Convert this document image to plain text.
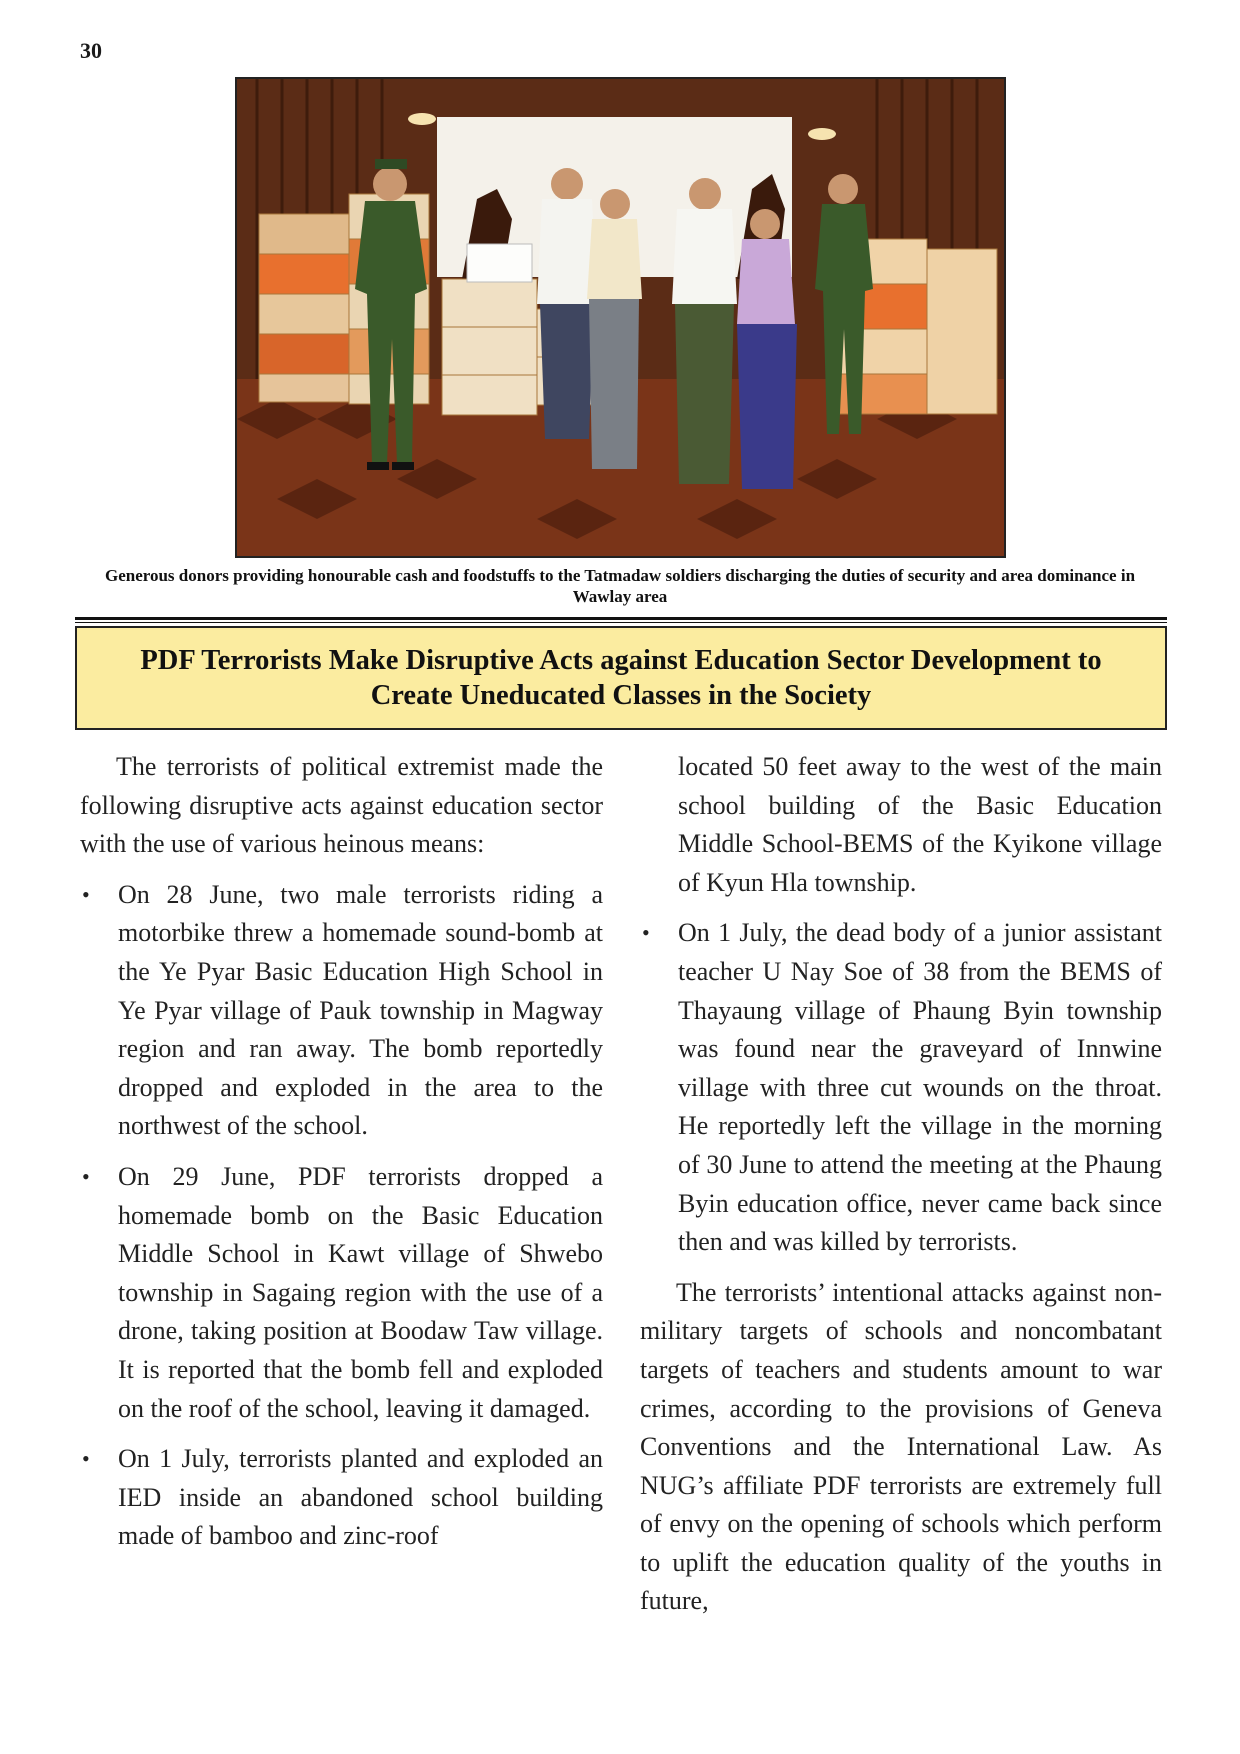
30
Generous donors providing honourable cash and foodstuffs to the Tatmadaw soldiers discharging the duties of security and area dominance in Wawlay area
PDF Terrorists Make Disruptive Acts against Education Sector Development to Create Uneducated Classes in the Society

The terrorists of political extremist made the following disruptive acts against education sector with the use of various heinous means:

• On 28 June, two male terrorists riding a motorbike threw a homemade sound-bomb at the Ye Pyar Basic Education High School in Ye Pyar village of Pauk township in Magway region and ran away. The bomb reportedly dropped and exploded in the area to the northwest of the school.
• On 29 June, PDF terrorists dropped a homemade bomb on the Basic Education Middle School in Kawt village of Shwebo township in Sagaing region with the use of a drone, taking position at Boodaw Taw village. It is reported that the bomb fell and exploded on the roof of the school, leaving it damaged.
• On 1 July, terrorists planted and exploded an IED inside an abandoned school building made of bamboo and zinc-roof

located 50 feet away to the west of the main school building of the Basic Education Middle School-BEMS of the Kyikone village of Kyun Hla township.

• On 1 July, the dead body of a junior assistant teacher U Nay Soe of 38 from the BEMS of Thayaung village of Phaung Byin township was found near the graveyard of Innwine village with three cut wounds on the throat. He reportedly left the village in the morning of 30 June to attend the meeting at the Phaung Byin education office, never came back since then and was killed by terrorists.

The terrorists’ intentional attacks against non-military targets of schools and noncombatant targets of teachers and students amount to war crimes, according to the provisions of Geneva Conventions and the International Law. As NUG’s affiliate PDF terrorists are extremely full of envy on the opening of schools which perform to uplift the education quality of the youths in future,
